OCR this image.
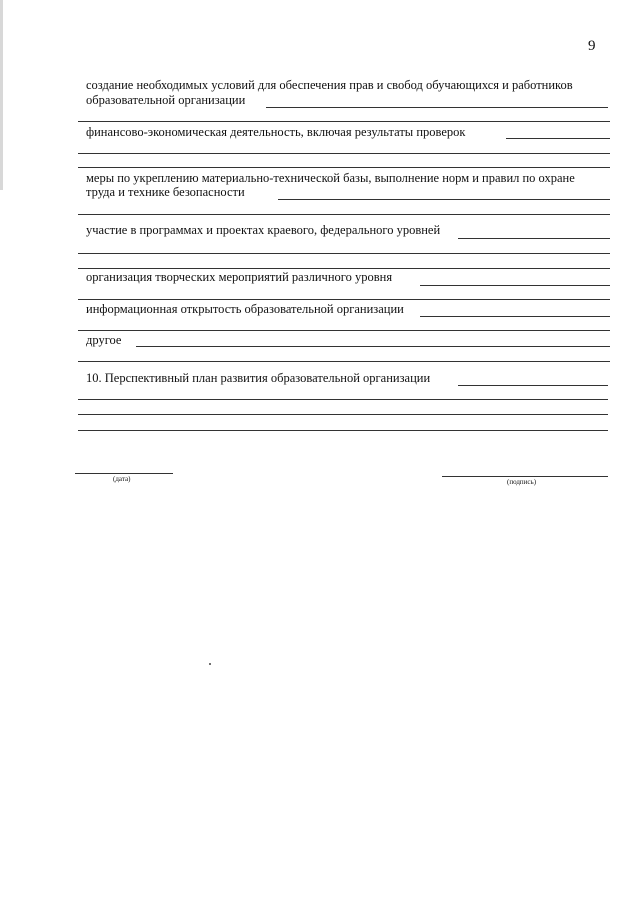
9
создание необходимых условий для обеспечения прав и свобод обучающихся и работников
образовательной организации
финансово-экономическая деятельность, включая результаты проверок
меры по укреплению материально-технической базы, выполнение норм и правил по охране
труда и технике безопасности
участие в программах и проектах краевого, федерального уровней
организация творческих мероприятий различного уровня
информационная открытость образовательной организации
другое
10. Перспективный план развития образовательной организации
(дата)	(подпись)
